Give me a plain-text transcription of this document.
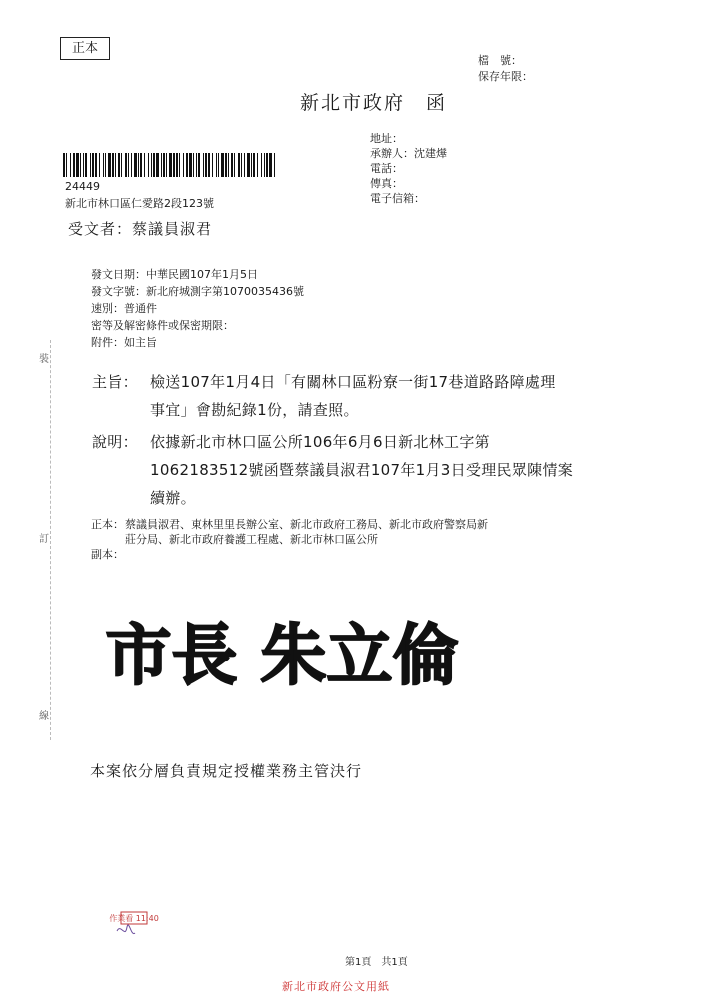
正本
檔　號：
保存年限：
新北市政府　函
地址：
承辦人：沈建燁
電話：
傳真：
電子信箱：
24449
新北市林口區仁愛路2段123號
受文者：蔡議員淑君
發文日期：中華民國107年1月5日
發文字號：新北府城測字第1070035436號
速別：普通件
密等及解密條件或保密期限：
附件：如主旨
裝
訂
線
主旨： 檢送107年1月4日「有關林口區粉寮一街17巷道路路障處理
事宜」會勘紀錄1份，請查照。
說明： 依據新北市林口區公所106年6月6日新北林工字第
1062183512號函暨蔡議員淑君107年1月3日受理民眾陳情案
續辦。
正本： 蔡議員淑君、東林里里長辦公室、新北市政府工務局、新北市政府警察局新
莊分局、新北市政府養護工程處、新北市林口區公所
副本：
市長 朱立倫
本案依分層負責規定授權業務主管決行
作業看 11:40
第1頁　共1頁
新北市政府公文用紙
